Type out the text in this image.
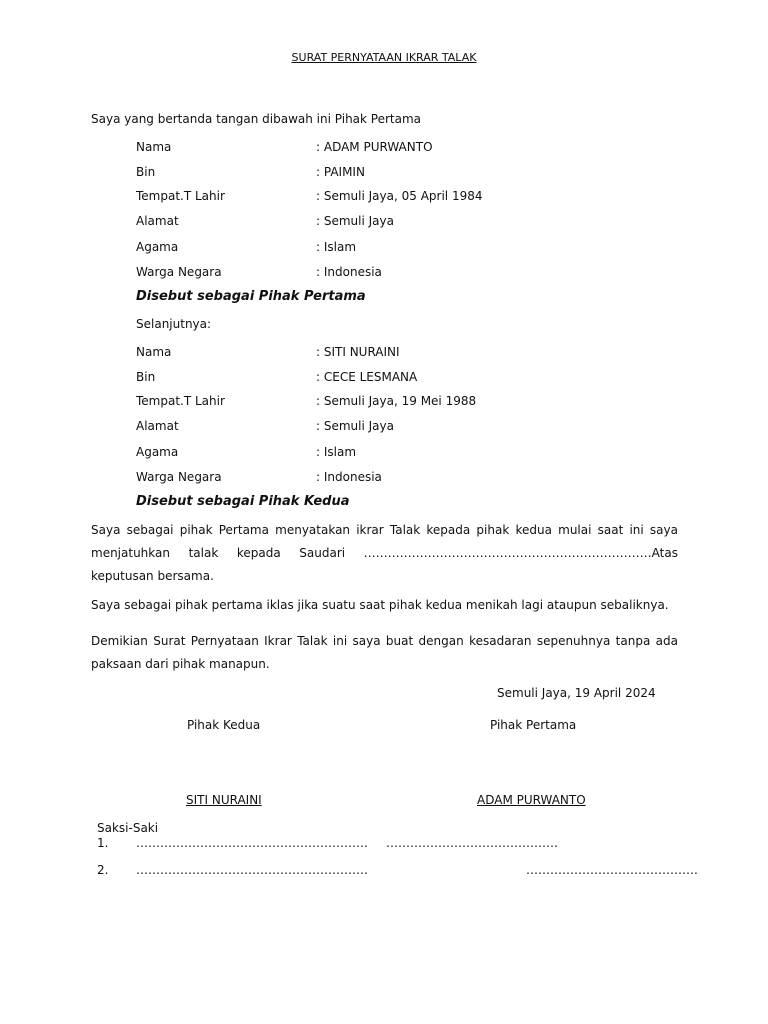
SURAT PERNYATAAN IKRAR TALAK
Saya yang bertanda tangan dibawah ini Pihak Pertama
Nama	: ADAM PURWANTO
Bin	: PAIMIN
Tempat.T Lahir	: Semuli Jaya, 05 April 1984
Alamat	: Semuli Jaya
Agama	: Islam
Warga Negara	: Indonesia
Disebut sebagai Pihak Pertama
Selanjutnya:
Nama	: SITI NURAINI
Bin	: CECE LESMANA
Tempat.T Lahir	: Semuli Jaya, 19 Mei 1988
Alamat	: Semuli Jaya
Agama	: Islam
Warga Negara	: Indonesia
Disebut sebagai Pihak Kedua
Saya sebagai pihak Pertama menyatakan ikrar Talak kepada pihak kedua mulai saat ini saya menjatuhkan talak kepada Saudari ………………………………………………………………Atas keputusan bersama.
Saya sebagai pihak pertama iklas jika suatu saat pihak kedua menikah lagi ataupun sebaliknya.
Demikian Surat Pernyataan Ikrar Talak ini saya buat dengan kesadaran sepenuhnya tanpa ada paksaan dari pihak manapun.
Semuli Jaya, 19 April 2024
Pihak Kedua	Pihak Pertama
SITI NURAINI	ADAM PURWANTO
Saksi-Saki
1. …………………………………………………. …………………………………….
2. ………………………………………………….	…………………………………….
